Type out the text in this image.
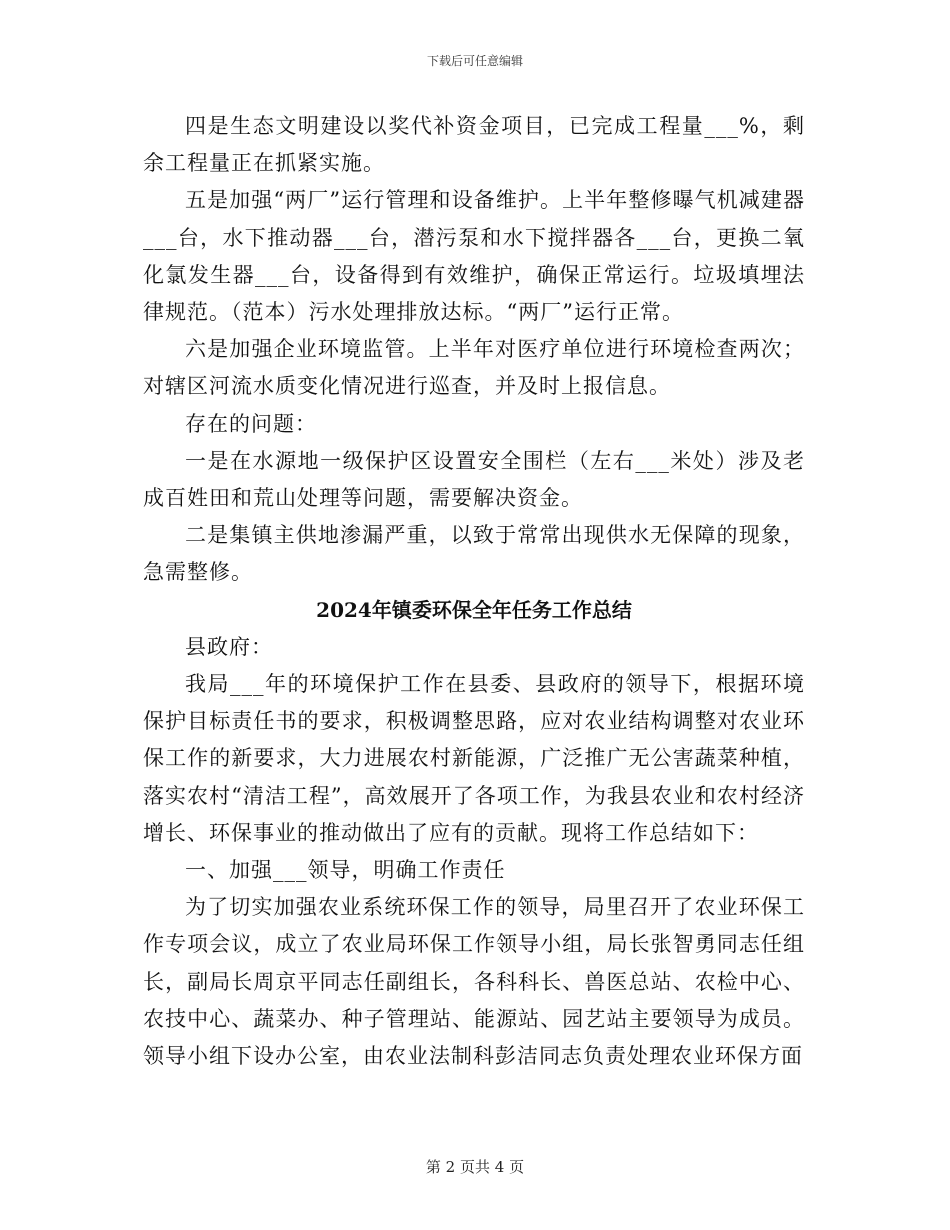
下载后可任意编辑

四是生态文明建设以奖代补资金项目，已完成工程量___%，剩余工程量正在抓紧实施。

五是加强“两厂”运行管理和设备维护。上半年整修曝气机减建器___台，水下推动器___台，潜污泵和水下搅拌器各___台，更换二氧化氯发生器___台，设备得到有效维护，确保正常运行。垃圾填埋法律规范。（范本）污水处理排放达标。“两厂”运行正常。

六是加强企业环境监管。上半年对医疗单位进行环境检查两次；对辖区河流水质变化情况进行巡查，并及时上报信息。

存在的问题：

一是在水源地一级保护区设置安全围栏（左右___米处）涉及老成百姓田和荒山处理等问题，需要解决资金。

二是集镇主供地渗漏严重，以致于常常出现供水无保障的现象，急需整修。

2024年镇委环保全年任务工作总结

县政府：

我局___年的环境保护工作在县委、县政府的领导下，根据环境保护目标责任书的要求，积极调整思路，应对农业结构调整对农业环保工作的新要求，大力进展农村新能源，广泛推广无公害蔬菜种植，落实农村“清洁工程”，高效展开了各项工作，为我县农业和农村经济增长、环保事业的推动做出了应有的贡献。现将工作总结如下：

一、加强___领导，明确工作责任

为了切实加强农业系统环保工作的领导，局里召开了农业环保工作专项会议，成立了农业局环保工作领导小组，局长张智勇同志任组长，副局长周京平同志任副组长，各科科长、兽医总站、农检中心、农技中心、蔬菜办、种子管理站、能源站、园艺站主要领导为成员。领导小组下设办公室，由农业法制科彭洁同志负责处理农业环保方面

第 2 页共 4 页
